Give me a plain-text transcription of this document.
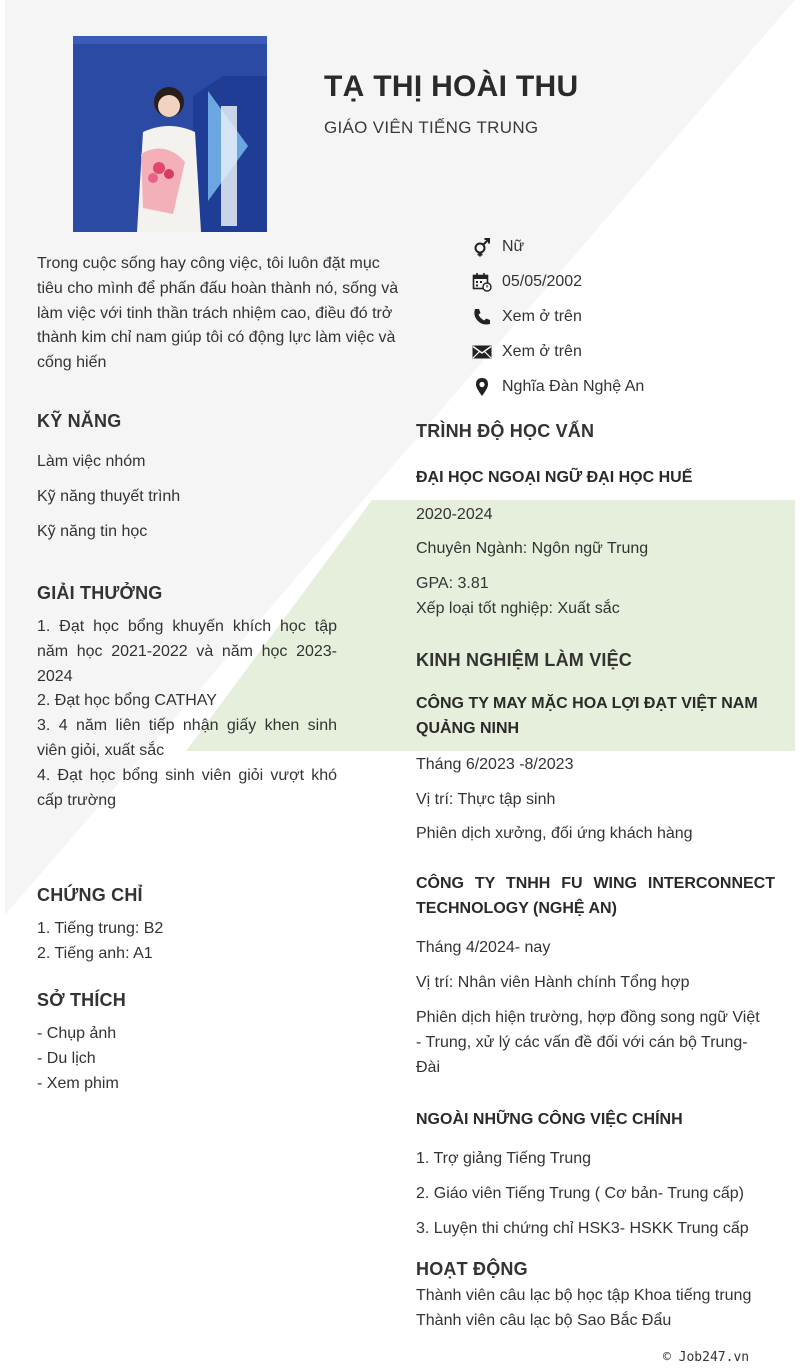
TẠ THỊ HOÀI THU
GIÁO VIÊN TIẾNG TRUNG
Trong cuộc sống hay công việc, tôi luôn đặt mục tiêu cho mình để phấn đấu hoàn thành nó, sống và làm việc với tinh thần trách nhiệm cao, điều đó trở thành kim chỉ nam giúp tôi có động lực làm việc và cống hiến
Nữ
05/05/2002
Xem ở trên
Xem ở trên
Nghĩa Đàn Nghệ An
KỸ NĂNG
Làm việc nhóm
Kỹ năng thuyết trình
Kỹ năng tin học
GIẢI THƯỞNG
1. Đạt học bổng khuyến khích học tập năm học 2021-2022 và năm học 2023-2024
2. Đạt học bổng CATHAY
3. 4 năm liên tiếp nhận giấy khen sinh viên giỏi, xuất sắc
4. Đạt học bổng sinh viên giỏi vượt khó cấp trường
CHỨNG CHỈ
1. Tiếng trung: B2
2. Tiếng anh: A1
SỞ THÍCH
- Chụp ảnh
- Du lịch
- Xem phim
TRÌNH ĐỘ HỌC VẤN
ĐẠI HỌC NGOẠI NGỮ ĐẠI HỌC HUẾ
2020-2024
Chuyên Ngành: Ngôn ngữ Trung
GPA: 3.81
Xếp loại tốt nghiệp: Xuất sắc
KINH NGHIỆM LÀM VIỆC
CÔNG TY MAY MẶC HOA LỢI ĐẠT VIỆT NAM QUẢNG NINH
Tháng 6/2023 -8/2023
Vị trí: Thực tập sinh
Phiên dịch xưởng, đối ứng khách hàng
CÔNG TY TNHH FU WING INTERCONNECT TECHNOLOGY (NGHỆ AN)
Tháng 4/2024- nay
Vị trí: Nhân viên Hành chính Tổng hợp
Phiên dịch hiện trường, hợp đồng song ngữ Việt - Trung, xử lý các vấn đề đối với cán bộ Trung- Đài
NGOÀI NHỮNG CÔNG VIỆC CHÍNH
1. Trợ giảng Tiếng Trung
2. Giáo viên Tiếng Trung ( Cơ bản- Trung cấp)
3. Luyện thi chứng chỉ HSK3- HSKK Trung cấp
HOẠT ĐỘNG
Thành viên câu lạc bộ học tập Khoa tiếng trung
Thành viên câu lạc bộ Sao Bắc Đẩu
© Job247.vn
